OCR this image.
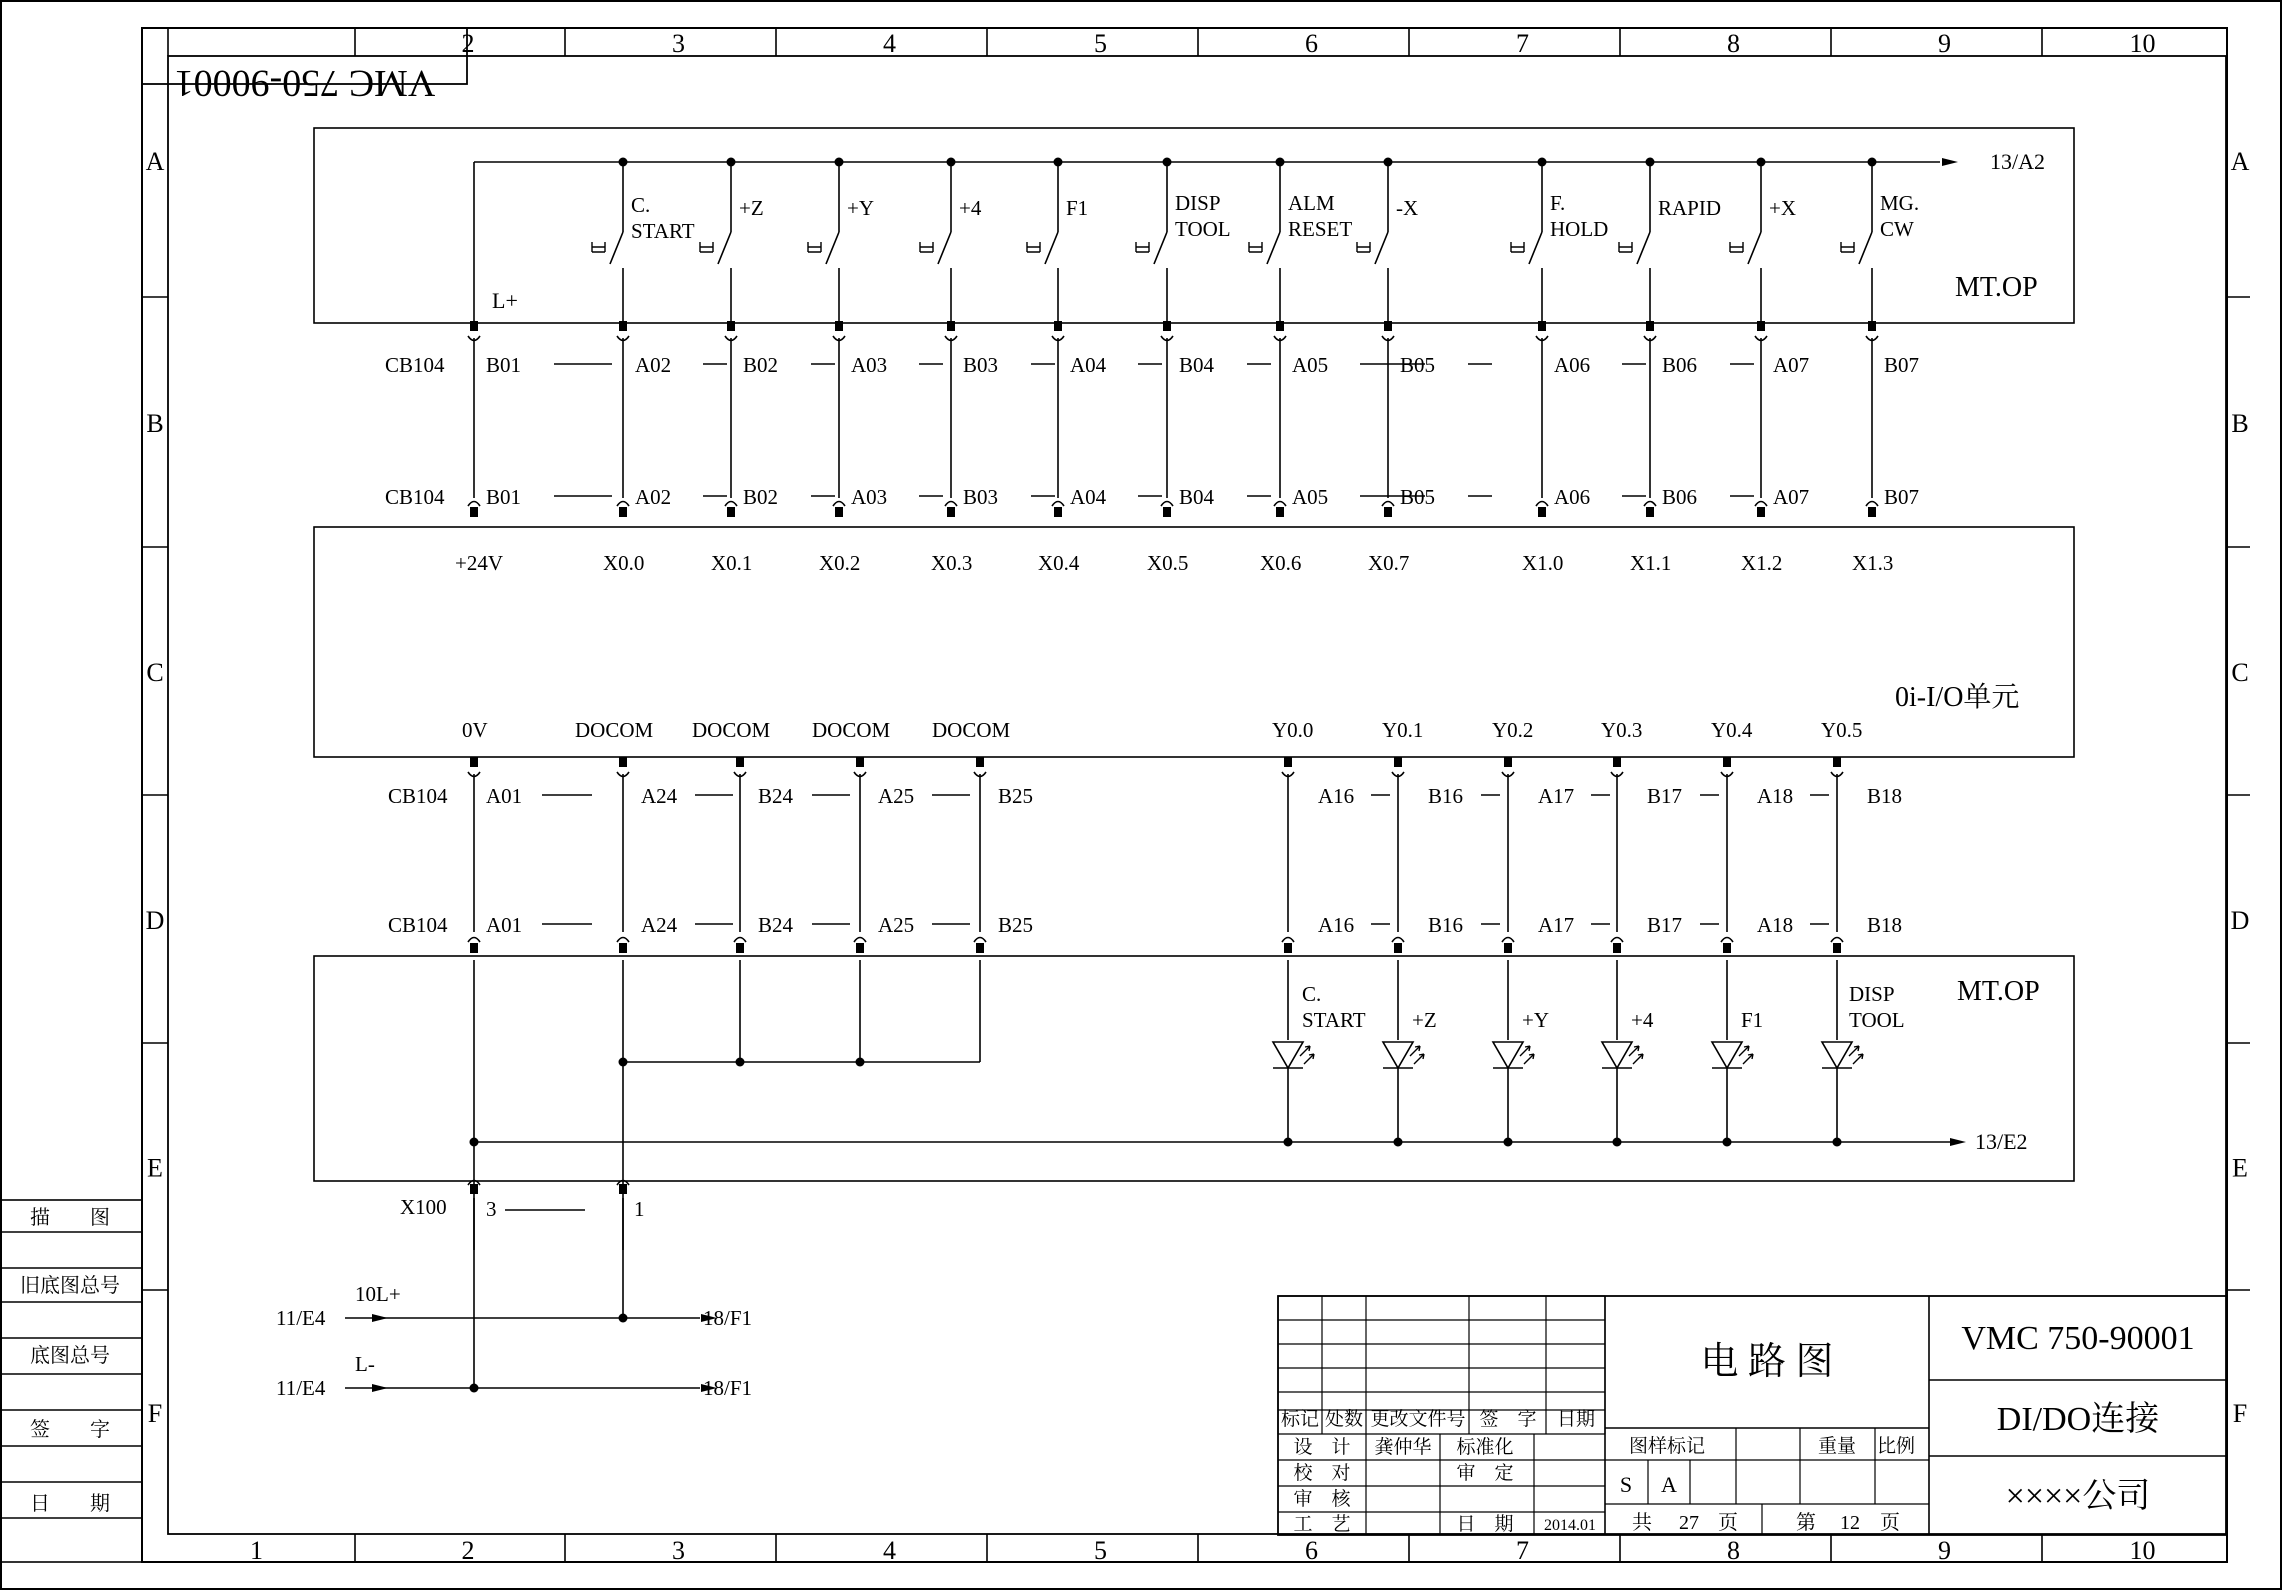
1
2
2
3
3
4
4
5
5
6
6
7
7
8
8
9
9
10
10
A	A
B	B
C	C
D	D
E	E
F	F
描　　图
旧底图总号
底图总号
签　　字
日　　期
VMC 750-90001
MT.OP
13/A2
L+
C.
START
+Z	+Y	+4	F1	DISP
TOOL
ALM
RESET
-X	F.
HOLD
RAPID +X	MG.
CW
B01
B01
A02
A02
B02
B02
A03
A03
B03
B03
A04
A04
B04
B04
A05
A05
B05
B05
A06
A06
B06
B06
A07
A07
B07
B07
CB104
CB104
+24V	X0.0	X0.1	X0.2	X0.3	X0.4	X0.5	X0.6	X0.7	X1.0	X1.1	X1.2	X1.3
0i-I/O单元
0V	DOCOM DOCOM DOCOM DOCOM	Y0.0	Y0.1	Y0.2	Y0.3	Y0.4	Y0.5
CB104
CB104
A01
A01
A24
A24
B24
B24
A25
A25
B25
B25
A16
A16
B16
B16
A17
A17
B17
B17
A18
A18
B18
B18
MT.OP
13/E2
C.
START +Z	+Y	+4	F1
DISP
TOOL
X100 3	1
11/E4
10L+
18/F1
11/E4
L-
18/F1
标记 处数 更改文件号 签　字 日期
设　计 龚仲华 标准化
校　对	审　定
审　核
工　艺	日　期 2014.01
电 路 图
图样标记	重量 比例
S A
共 27 页	第 12 页
VMC 750-90001
DI/DO连接
××××公司
